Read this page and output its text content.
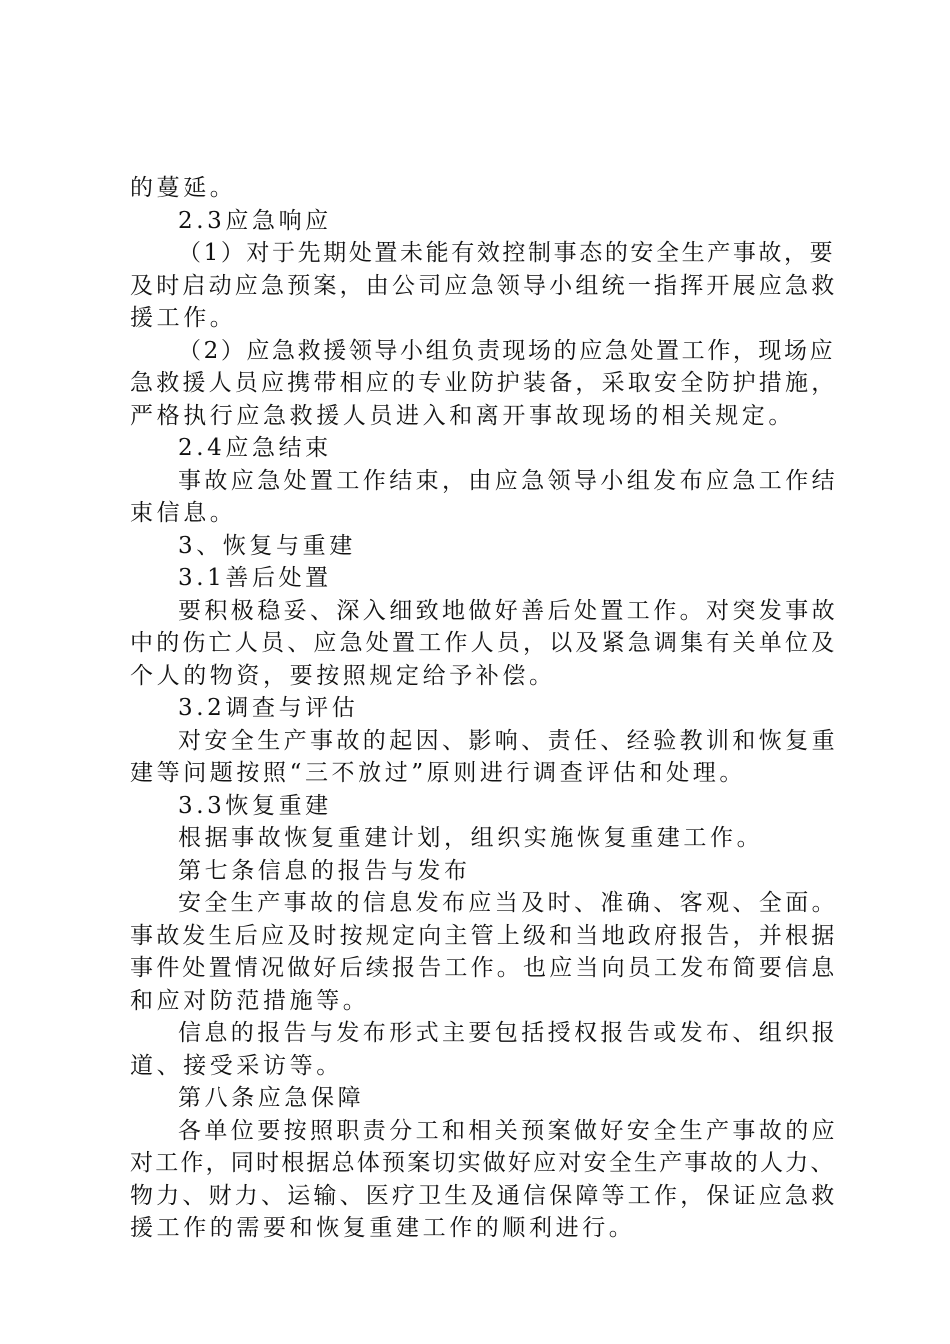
的蔓延。
2.3应急响应
（1）对于先期处置未能有效控制事态的安全生产事故，要
及时启动应急预案，由公司应急领导小组统一指挥开展应急救
援工作。
（2）应急救援领导小组负责现场的应急处置工作，现场应
急救援人员应携带相应的专业防护装备，采取安全防护措施，
严格执行应急救援人员进入和离开事故现场的相关规定。
2.4应急结束
事故应急处置工作结束，由应急领导小组发布应急工作结
束信息。
3、恢复与重建
3.1善后处置
要积极稳妥、深入细致地做好善后处置工作。对突发事故
中的伤亡人员、应急处置工作人员，以及紧急调集有关单位及
个人的物资，要按照规定给予补偿。
3.2调查与评估
对安全生产事故的起因、影响、责任、经验教训和恢复重
建等问题按照“三不放过”原则进行调查评估和处理。
3.3恢复重建
根据事故恢复重建计划，组织实施恢复重建工作。
第七条信息的报告与发布
安全生产事故的信息发布应当及时、准确、客观、全面。
事故发生后应及时按规定向主管上级和当地政府报告，并根据
事件处置情况做好后续报告工作。也应当向员工发布简要信息
和应对防范措施等。
信息的报告与发布形式主要包括授权报告或发布、组织报
道、接受采访等。
第八条应急保障
各单位要按照职责分工和相关预案做好安全生产事故的应
对工作，同时根据总体预案切实做好应对安全生产事故的人力、
物力、财力、运输、医疗卫生及通信保障等工作，保证应急救
援工作的需要和恢复重建工作的顺利进行。
